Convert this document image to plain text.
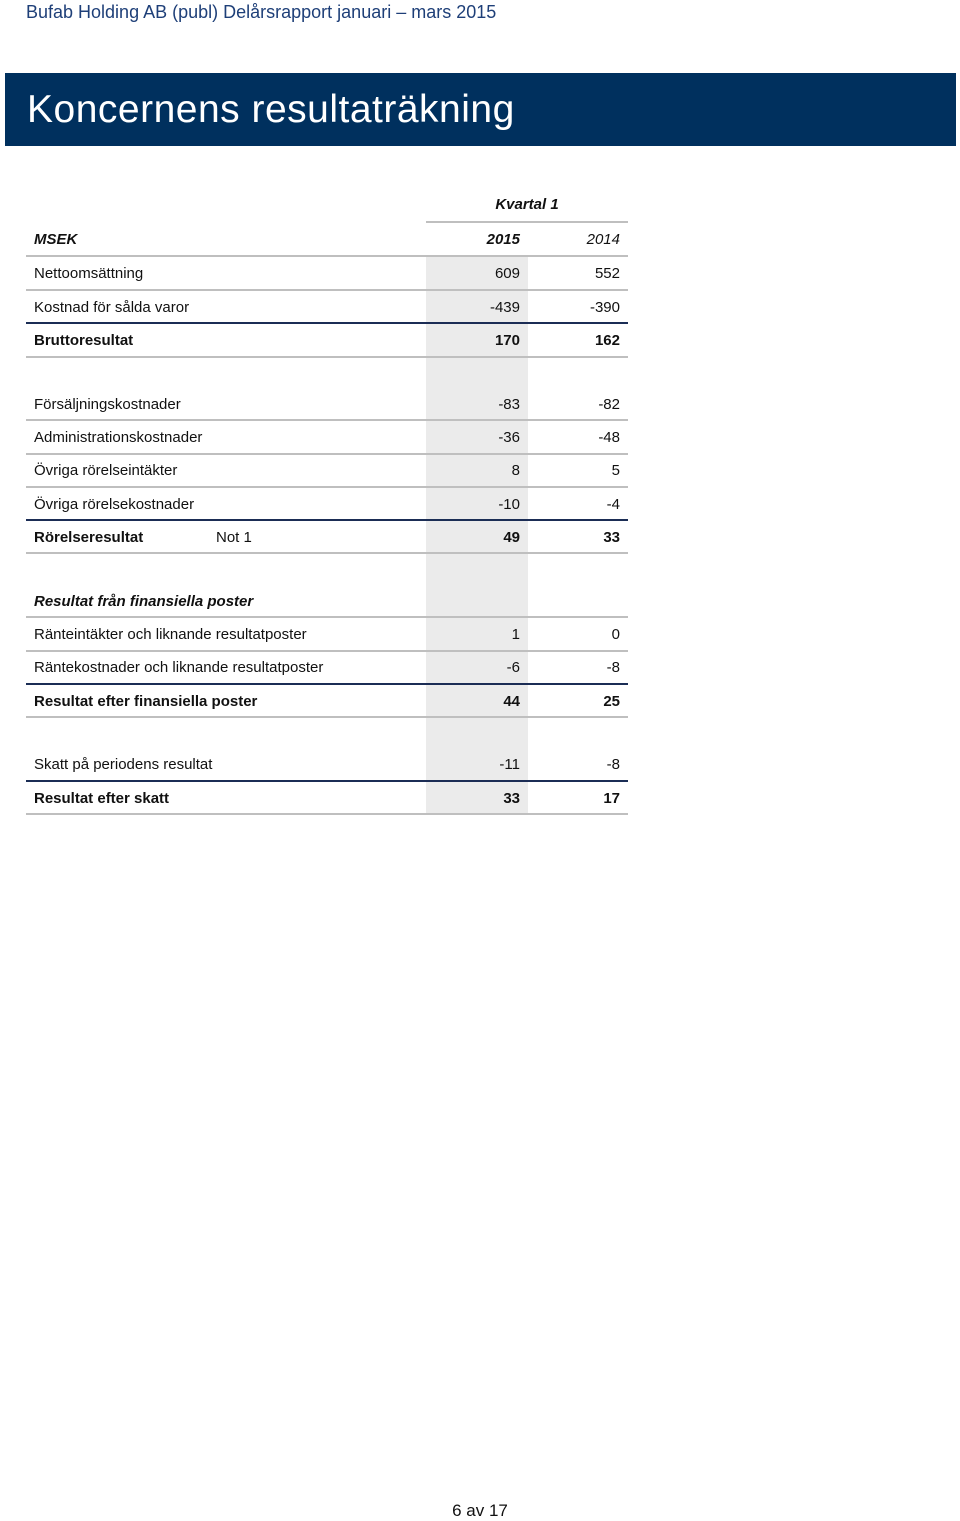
Bufab Holding AB (publ) Delårsrapport januari – mars 2015
Koncernens resultaträkning
Kvartal 1
MSEK	2015	2014
Nettoomsättning	609	552
Kostnad för sålda varor	-439	-390
Bruttoresultat	170	162
Försäljningskostnader	-83	-82
Administrationskostnader	-36	-48
Övriga rörelseintäkter	8	5
Övriga rörelsekostnader	-10	-4
Rörelseresultat	Not 1	49	33
Resultat från finansiella poster
Ränteintäkter och liknande resultatposter	1	0
Räntekostnader och liknande resultatposter	-6	-8
Resultat efter finansiella poster	44	25
Skatt på periodens resultat	-11	-8
Resultat efter skatt	33	17
6 av 17
